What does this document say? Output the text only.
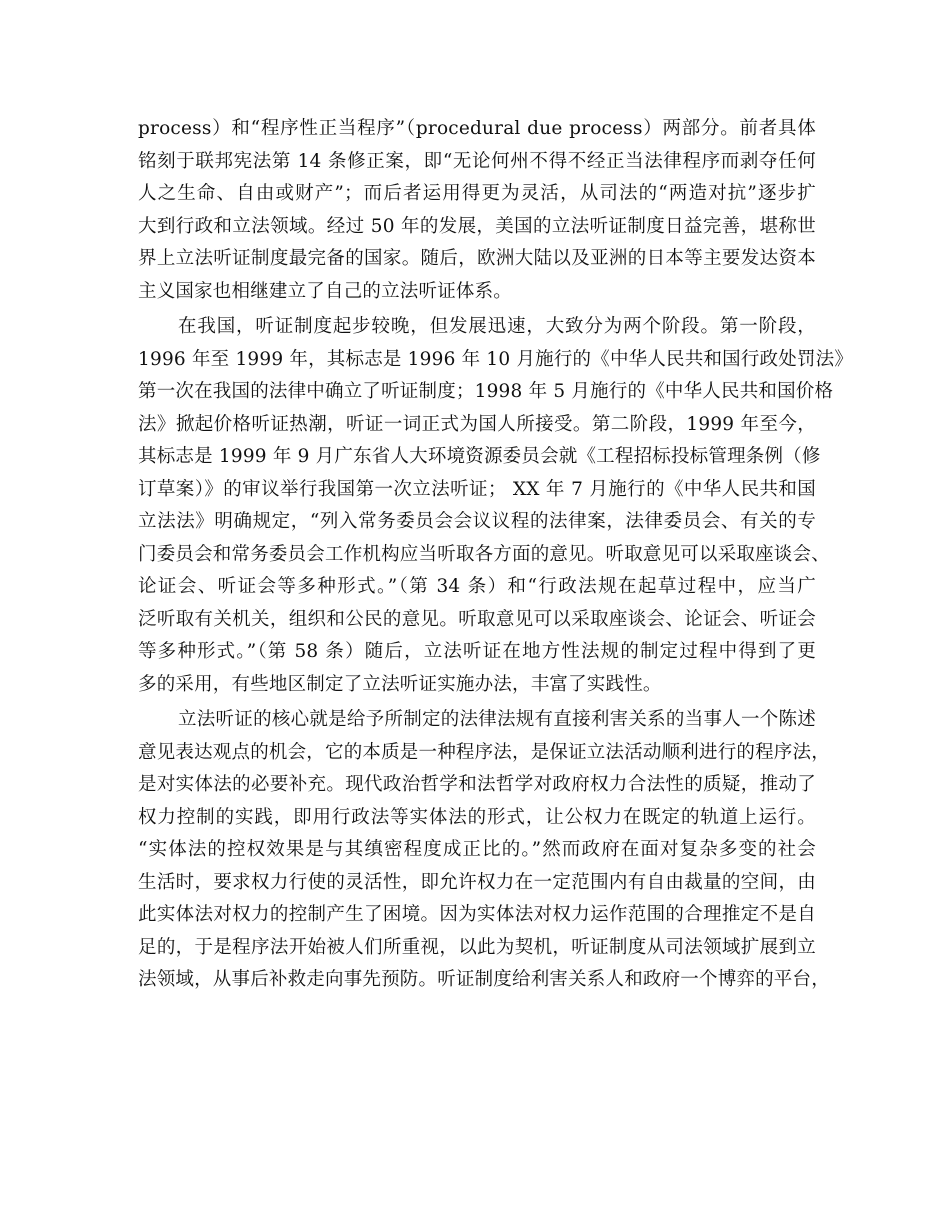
process）和“程序性正当程序”（procedural due process）两部分。前者具体
铭刻于联邦宪法第 14 条修正案，即“无论何州不得不经正当法律程序而剥夺任何
人之生命、自由或财产”；而后者运用得更为灵活，从司法的“两造对抗”逐步扩
大到行政和立法领域。经过 50 年的发展，美国的立法听证制度日益完善，堪称世
界上立法听证制度最完备的国家。随后，欧洲大陆以及亚洲的日本等主要发达资本
主义国家也相继建立了自己的立法听证体系。
在我国，听证制度起步较晚，但发展迅速，大致分为两个阶段。第一阶段，
1996 年至 1999 年，其标志是 1996 年 10 月施行的《中华人民共和国行政处罚法》
第一次在我国的法律中确立了听证制度；1998 年 5 月施行的《中华人民共和国价格
法》掀起价格听证热潮，听证一词正式为国人所接受。第二阶段，1999 年至今，
其标志是 1999 年 9 月广东省人大环境资源委员会就《工程招标投标管理条例（修
订草案）》的审议举行我国第一次立法听证； XX 年 7 月施行的《中华人民共和国
立法法》明确规定，“列入常务委员会会议议程的法律案，法律委员会、有关的专
门委员会和常务委员会工作机构应当听取各方面的意见。听取意见可以采取座谈会、
论证会、听证会等多种形式。”（第 34 条）和“行政法规在起草过程中，应当广
泛听取有关机关，组织和公民的意见。听取意见可以采取座谈会、论证会、听证会
等多种形式。”（第 58 条）随后，立法听证在地方性法规的制定过程中得到了更
多的采用，有些地区制定了立法听证实施办法，丰富了实践性。
立法听证的核心就是给予所制定的法律法规有直接利害关系的当事人一个陈述
意见表达观点的机会，它的本质是一种程序法，是保证立法活动顺利进行的程序法，
是对实体法的必要补充。现代政治哲学和法哲学对政府权力合法性的质疑，推动了
权力控制的实践，即用行政法等实体法的形式，让公权力在既定的轨道上运行。
“实体法的控权效果是与其缜密程度成正比的。”然而政府在面对复杂多变的社会
生活时，要求权力行使的灵活性，即允许权力在一定范围内有自由裁量的空间，由
此实体法对权力的控制产生了困境。因为实体法对权力运作范围的合理推定不是自
足的，于是程序法开始被人们所重视，以此为契机，听证制度从司法领域扩展到立
法领域，从事后补救走向事先预防。听证制度给利害关系人和政府一个博弈的平台，
